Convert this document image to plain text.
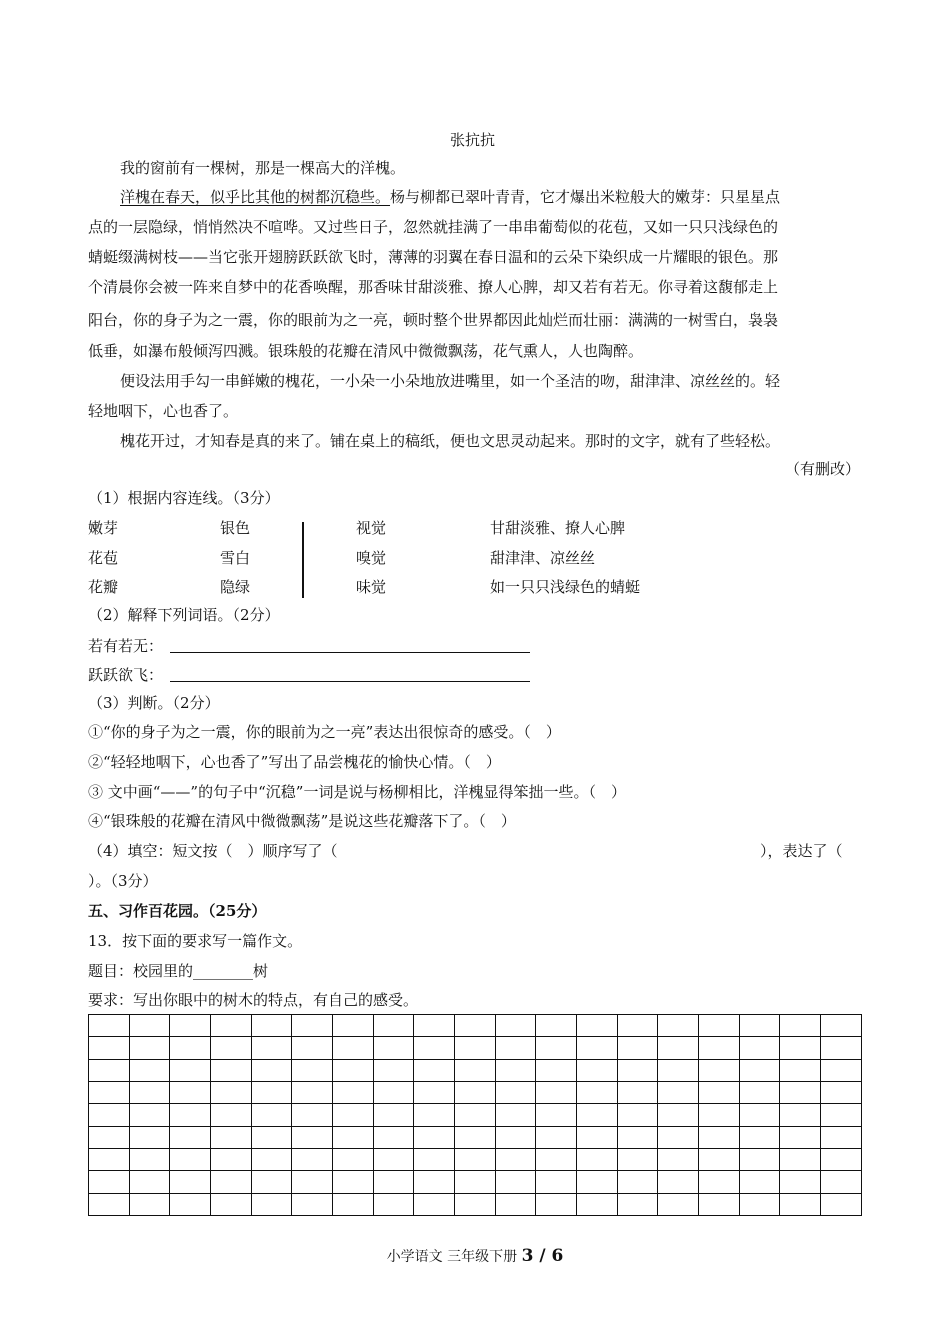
张抗抗
我的窗前有一棵树，那是一棵高大的洋槐。
洋槐在春天，似乎比其他的树都沉稳些。杨与柳都已翠叶青青，它才爆出米粒般大的嫩芽：只星星点
点的一层隐绿，悄悄然决不喧哗。又过些日子，忽然就挂满了一串串葡萄似的花苞，又如一只只浅绿色的
蜻蜓缀满树枝——当它张开翅膀跃跃欲飞时，薄薄的羽翼在春日温和的云朵下染织成一片耀眼的银色。那
个清晨你会被一阵来自梦中的花香唤醒，那香味甘甜淡雅、撩人心脾，却又若有若无。你寻着这馥郁走上
阳台，你的身子为之一震，你的眼前为之一亮，顿时整个世界都因此灿烂而壮丽：满满的一树雪白，袅袅
低垂，如瀑布般倾泻四溅。银珠般的花瓣在清风中微微飘荡，花气熏人，人也陶醉。
便设法用手勾一串鲜嫩的槐花，一小朵一小朵地放进嘴里，如一个圣洁的吻，甜津津、凉丝丝的。轻
轻地咽下，心也香了。
槐花开过，才知春是真的来了。铺在桌上的稿纸，便也文思灵动起来。那时的文字，就有了些轻松。
（有删改）
（1）根据内容连线。（3分）
嫩芽	银色	视觉	甘甜淡雅、撩人心脾
花苞	雪白	嗅觉	甜津津、凉丝丝
花瓣	隐绿	味觉	如一只只浅绿色的蜻蜓
（2）解释下列词语。（2分）
若有若无：
跃跃欲飞：
（3）判断。（2分）
①“你的身子为之一震，你的眼前为之一亮”表达出很惊奇的感受。（　）
②“轻轻地咽下，心也香了”写出了品尝槐花的愉快心情。（　）
③ 文中画“——”的句子中“沉稳”一词是说与杨柳相比，洋槐显得笨拙一些。（　）
④“银珠般的花瓣在清风中微微飘荡”是说这些花瓣落下了。（　）
（4）填空：短文按（　）顺序写了（	），表达了（
）。（3分）
五、习作百花园。（25分）
13．按下面的要求写一篇作文。
题目：校园里的________树
要求：写出你眼中的树木的特点，有自己的感受。

小学语文 三年级下册 3 / 6
